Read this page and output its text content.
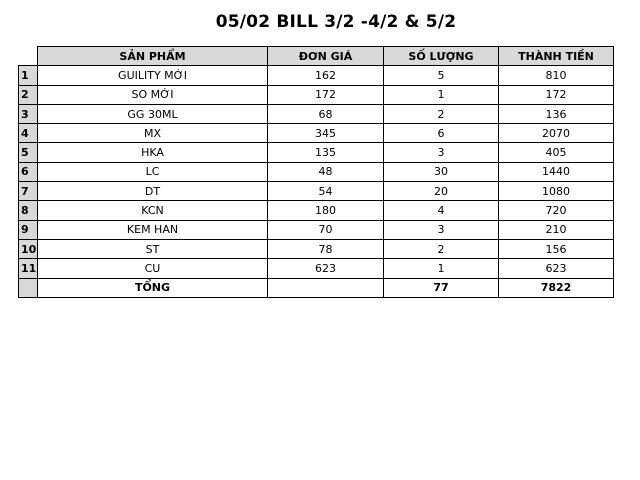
05/02 BILL 3/2 -4/2 & 5/2
	SẢN PHẨM	ĐƠN GIÁ	SỐ LƯỢNG	THÀNH TIỀN
1	GUILITY MỚI	162	5	810
2	SO MỚI	172	1	172
3	GG 30ML	68	2	136
4	MX	345	6	2070
5	HKA	135	3	405
6	LC	48	30	1440
7	DT	54	20	1080
8	KCN	180	4	720
9	KEM HAN	70	3	210
10	ST	78	2	156
11	CU	623	1	623
	TỔNG		77	7822
